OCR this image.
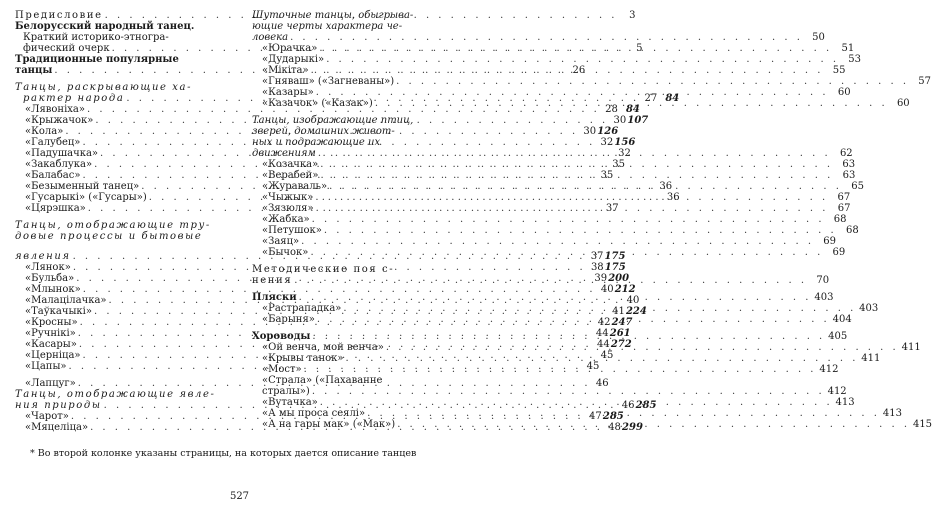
Предисловие . . .	3
Белорусский народный танец.
Краткий историко-этногра-
фический очерк . . .	5
Традиционные популярные
танцы . . .	26
Танцы, раскрывающие ха-
рактер народа . . .	27 84
«Лявоніха» . . .	28 84
«Крыжачок» . . .	30 107
«Кола» . . .	30 126
«Галубец» . . .	32 156
«Падушачка» . . .	32
«Закаблука» . . .	35
«Балабас» . . .	35
«Безыменный танец» . . .	36
«Гусарыкі» («Гусары») . . .	36
«Цярэшка» . . .	37
Танцы, отображающие тру-
довые процессы и бытовые
явления . . .	37 175
«Лянок» . . .	38 175
«Бульба» . . .	39 200
«Млынок» . . .	40 212
«Малацілачка» . . .	40
«Таўкачыкі» . . .	41 224
«Кросны» . . .	42 247
«Ручнікі» . . .	44 261
«Касары» . . .	44 272
«Церніца» . . .	45
«Цапы» . . .	45
«Лапцуг» . . .	46
Танцы, отображающие явле-
ния природы . . .	46 285
«Чарот» . . .	47 285
«Мяцеліца» . . .	48 299
Шуточные танцы, обыгрыва-
ющие черты характера че-
ловека . . .	50
«Юрачка» . . .	51
«Дударыкі» . . .	53
«Мікіта» . . .	55
«Гняваш» («Загневаны») . . .	57
«Казары» . . .	60
«Казачок» («Казак») . . .	60
Танцы, изображающие птиц,
зверей, домашних живот-
ных и подражающие их
движениям . . .	62
«Козачка» . . .	63
«Верабей» . . .	63
«Жураваль» . . .	65
«Чыжык» . . .	67
«Зязюля» . . .	67
«Жабка» . . .	68
«Петушок» . . .	68
«Заяц» . . .	69
«Бычок» . . .	69
Методические поя с-
нения . . .	70
Пляски . . .	403
«Растрападка» . . .	403
«Барыня» . . .	404
Хороводы . . .	405
«Ой венча, мой венча» . . .	411
«Крывы танок» . . .	411
«Мост» . . .	412
«Страла» («Пахаванне
стралы») . . .	412
«Вутачка» . . .	413
«А мы проса сеялі» . . .	413
«А на гары мак» («Мак») . . .	415
* Во второй колонке указаны страницы, на которых дается описание танцев
527
